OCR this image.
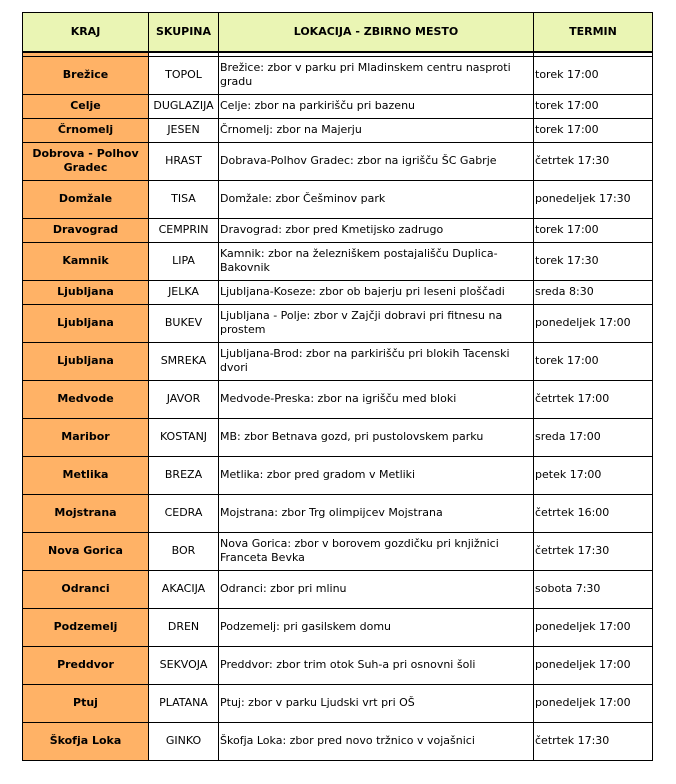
KRAJ	SKUPINA	LOKACIJA - ZBIRNO MESTO	TERMIN

Brežice	TOPOL	Brežice: zbor v parku pri Mladinskem centru nasproti gradu	torek 17:00
Celje	DUGLAZIJA	Celje: zbor na parkirišču pri bazenu	torek 17:00
Črnomelj	JESEN	Črnomelj: zbor na Majerju	torek 17:00
Dobrova - Polhov Gradec	HRAST	Dobrava-Polhov Gradec: zbor na igrišču ŠC Gabrje	četrtek 17:30
Domžale	TISA	Domžale: zbor Češminov park	ponedeljek 17:30
Dravograd	CEMPRIN	Dravograd: zbor pred Kmetijsko zadrugo	torek 17:00
Kamnik	LIPA	Kamnik: zbor na železniškem postajališču Duplica-Bakovnik	torek 17:30
Ljubljana	JELKA	Ljubljana-Koseze: zbor ob bajerju pri leseni ploščadi	sreda 8:30
Ljubljana	BUKEV	Ljubljana - Polje: zbor v Zajčji dobravi pri fitnesu na prostem	ponedeljek 17:00
Ljubljana	SMREKA	Ljubljana-Brod: zbor na parkirišču pri blokih Tacenski dvori	torek 17:00
Medvode	JAVOR	Medvode-Preska: zbor na igrišču med bloki	četrtek 17:00
Maribor	KOSTANJ	MB: zbor Betnava gozd, pri pustolovskem parku	sreda 17:00
Metlika	BREZA	Metlika: zbor pred gradom v Metliki	petek 17:00
Mojstrana	CEDRA	Mojstrana: zbor Trg olimpijcev Mojstrana	četrtek 16:00
Nova Gorica	BOR	Nova Gorica: zbor v borovem gozdičku pri knjižnici Franceta Bevka	četrtek 17:30
Odranci	AKACIJA	Odranci: zbor pri mlinu	sobota 7:30
Podzemelj	DREN	Podzemelj: pri gasilskem domu	ponedeljek 17:00
Preddvor	SEKVOJA	Preddvor: zbor trim otok Suh-a pri osnovni šoli	ponedeljek 17:00
Ptuj	PLATANA	Ptuj: zbor v parku Ljudski vrt pri OŠ	ponedeljek 17:00
Škofja Loka	GINKO	Škofja Loka: zbor pred novo tržnico v vojašnici	četrtek 17:30
